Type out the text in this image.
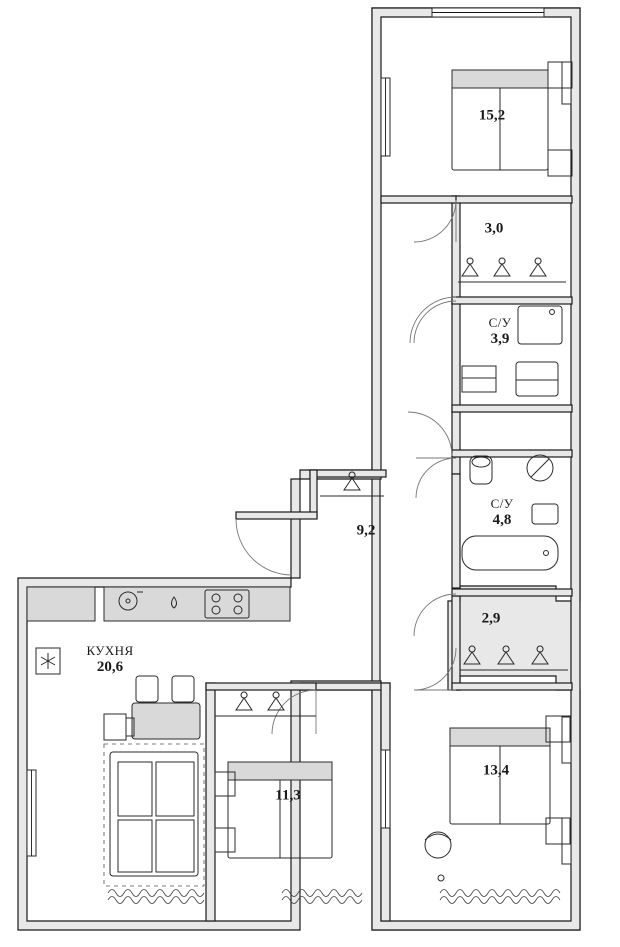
15,2
3,0
С/У
3,9
С/У
4,8
9,2
2,9
КУХНЯ
20,6
11,3
13,4
